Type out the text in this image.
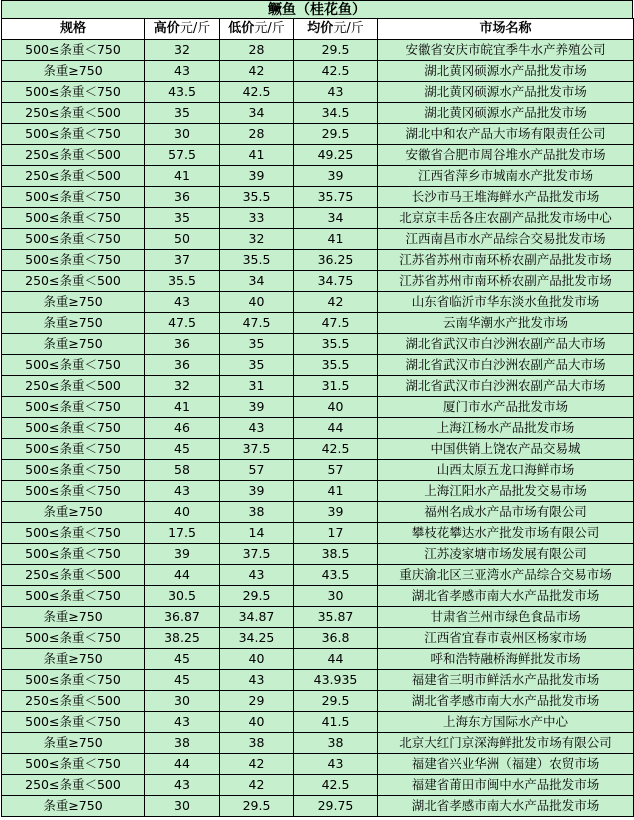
鳜鱼（桂花鱼）
规格	高价元/斤	低价元/斤	均价元/斤	市场名称
500≤条重＜750	32	28	29.5	安徽省安庆市皖宜季牛水产养殖公司
条重≥750	43	42	42.5	湖北黄冈硕源水产品批发市场
500≤条重＜750	43.5	42.5	43	湖北黄冈硕源水产品批发市场
250≤条重＜500	35	34	34.5	湖北黄冈硕源水产品批发市场
500≤条重＜750	30	28	29.5	湖北中和农产品大市场有限责任公司
250≤条重＜500	57.5	41	49.25	安徽省合肥市周谷堆水产品批发市场
250≤条重＜500	41	39	39	江西省萍乡市城南水产批发市场
500≤条重＜750	36	35.5	35.75	长沙市马王堆海鲜水产品批发市场
500≤条重＜750	35	33	34	北京京丰岳各庄农副产品批发市场中心
500≤条重＜750	50	32	41	江西南昌市水产品综合交易批发市场
500≤条重＜750	37	35.5	36.25	江苏省苏州市南环桥农副产品批发市场
250≤条重＜500	35.5	34	34.75	江苏省苏州市南环桥农副产品批发市场
条重≥750	43	40	42	山东省临沂市华东淡水鱼批发市场
条重≥750	47.5	47.5	47.5	云南华潮水产批发市场
条重≥750	36	35	35.5	湖北省武汉市白沙洲农副产品大市场
500≤条重＜750	36	35	35.5	湖北省武汉市白沙洲农副产品大市场
250≤条重＜500	32	31	31.5	湖北省武汉市白沙洲农副产品大市场
500≤条重＜750	41	39	40	厦门市水产品批发市场
500≤条重＜750	46	43	44	上海江杨水产品批发市场
500≤条重＜750	45	37.5	42.5	中国供销上饶农产品交易城
500≤条重＜750	58	57	57	山西太原五龙口海鲜市场
500≤条重＜750	43	39	41	上海江阳水产品批发交易市场
条重≥750	40	38	39	福州名成水产品市场有限公司
500≤条重＜750	17.5	14	17	攀枝花攀达水产批发市场有限公司
500≤条重＜750	39	37.5	38.5	江苏凌家塘市场发展有限公司
250≤条重＜500	44	43	43.5	重庆渝北区三亚湾水产品综合交易市场
500≤条重＜750	30.5	29.5	30	湖北省孝感市南大水产品批发市场
条重≥750	36.87	34.87	35.87	甘肃省兰州市绿色食品市场
500≤条重＜750	38.25	34.25	36.8	江西省宜春市袁州区杨家市场
条重≥750	45	40	44	呼和浩特融桥海鲜批发市场
500≤条重＜750	45	43	43.935	福建省三明市鲜活水产品批发市场
250≤条重＜500	30	29	29.5	湖北省孝感市南大水产品批发市场
500≤条重＜750	43	40	41.5	上海东方国际水产中心
条重≥750	38	38	38	北京大红门京深海鲜批发市场有限公司
500≤条重＜750	44	42	43	福建省兴业华洲（福建）农贸市场
250≤条重＜500	43	42	42.5	福建省莆田市闽中水产品批发市场
条重≥750	30	29.5	29.75	湖北省孝感市南大水产品批发市场
